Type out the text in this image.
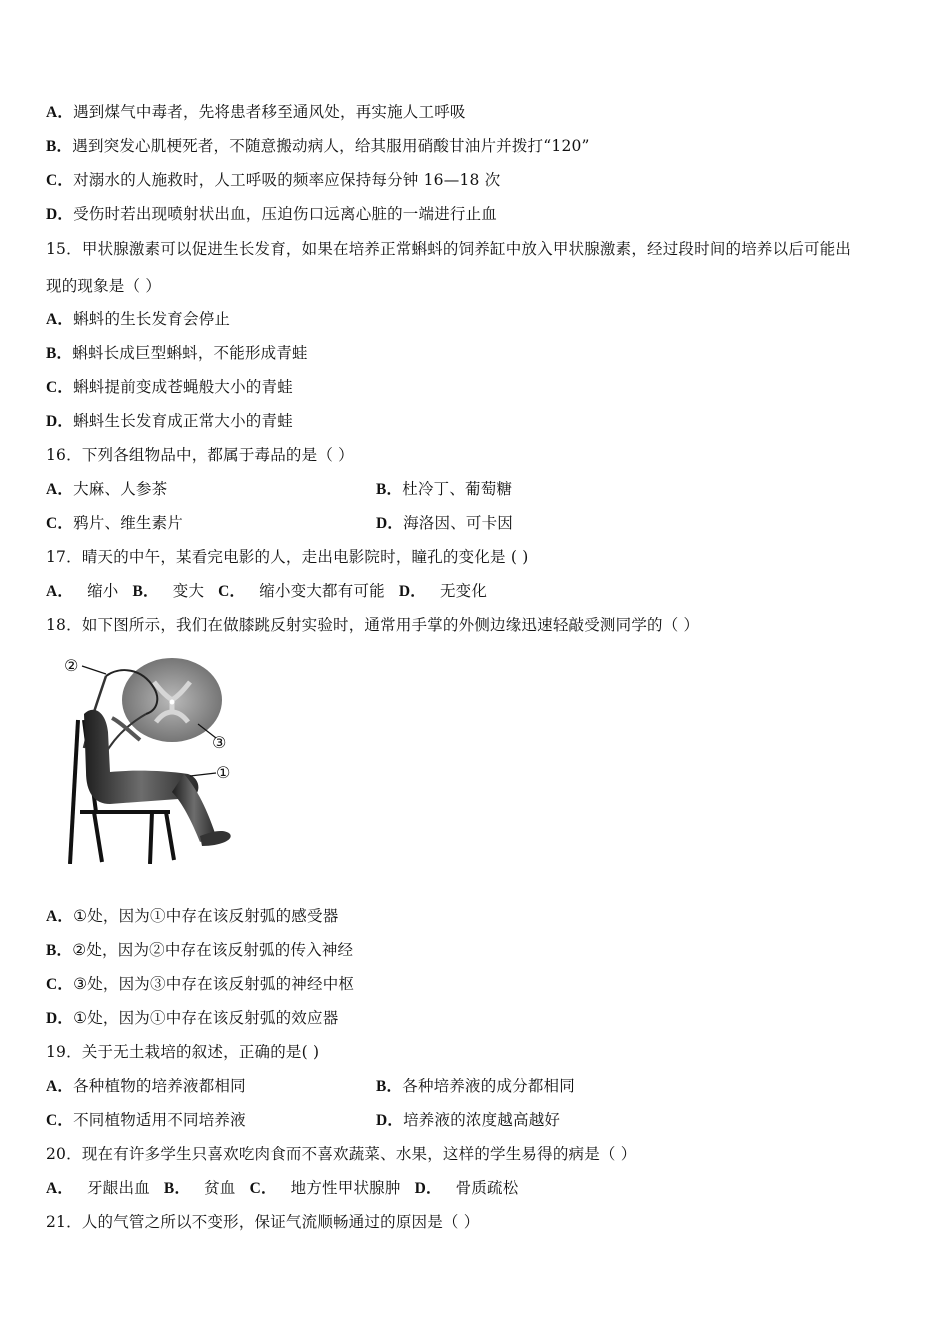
A．遇到煤气中毒者，先将患者移至通风处，再实施人工呼吸
B．遇到突发心肌梗死者，不随意搬动病人，给其服用硝酸甘油片并拨打“120”
C．对溺水的人施救时，人工呼吸的频率应保持每分钟 16—18 次
D．受伤时若出现喷射状出血，压迫伤口远离心脏的一端进行止血
15．甲状腺激素可以促进生长发育，如果在培养正常蝌蚪的饲养缸中放入甲状腺激素，经过段时间的培养以后可能出
现的现象是（ ）
A．蝌蚪的生长发育会停止
B．蝌蚪长成巨型蝌蚪，不能形成青蛙
C．蝌蚪提前变成苍蝇般大小的青蛙
D．蝌蚪生长发育成正常大小的青蛙
16．下列各组物品中，都属于毒品的是（ ）
A．大麻、人参茶	B．杜冷丁、葡萄糖
C．鸦片、维生素片	D．海洛因、可卡因
17．晴天的中午，某看完电影的人，走出电影院时，瞳孔的变化是 ( )
A． 缩小 B． 变大 C． 缩小变大都有可能 D． 无变化
18．如下图所示，我们在做膝跳反射实验时，通常用手掌的外侧边缘迅速轻敲受测同学的（ ）
②
③
①
A．①处，因为①中存在该反射弧的感受器
B．②处，因为②中存在该反射弧的传入神经
C．③处，因为③中存在该反射弧的神经中枢
D．①处，因为①中存在该反射弧的效应器
19．关于无土栽培的叙述，正确的是( )
A．各种植物的培养液都相同	B．各种培养液的成分都相同
C．不同植物适用不同培养液	D．培养液的浓度越高越好
20．现在有许多学生只喜欢吃肉食而不喜欢蔬菜、水果，这样的学生易得的病是（ ）
A． 牙龈出血 B． 贫血 C． 地方性甲状腺肿 D． 骨质疏松
21．人的气管之所以不变形，保证气流顺畅通过的原因是（ ）
